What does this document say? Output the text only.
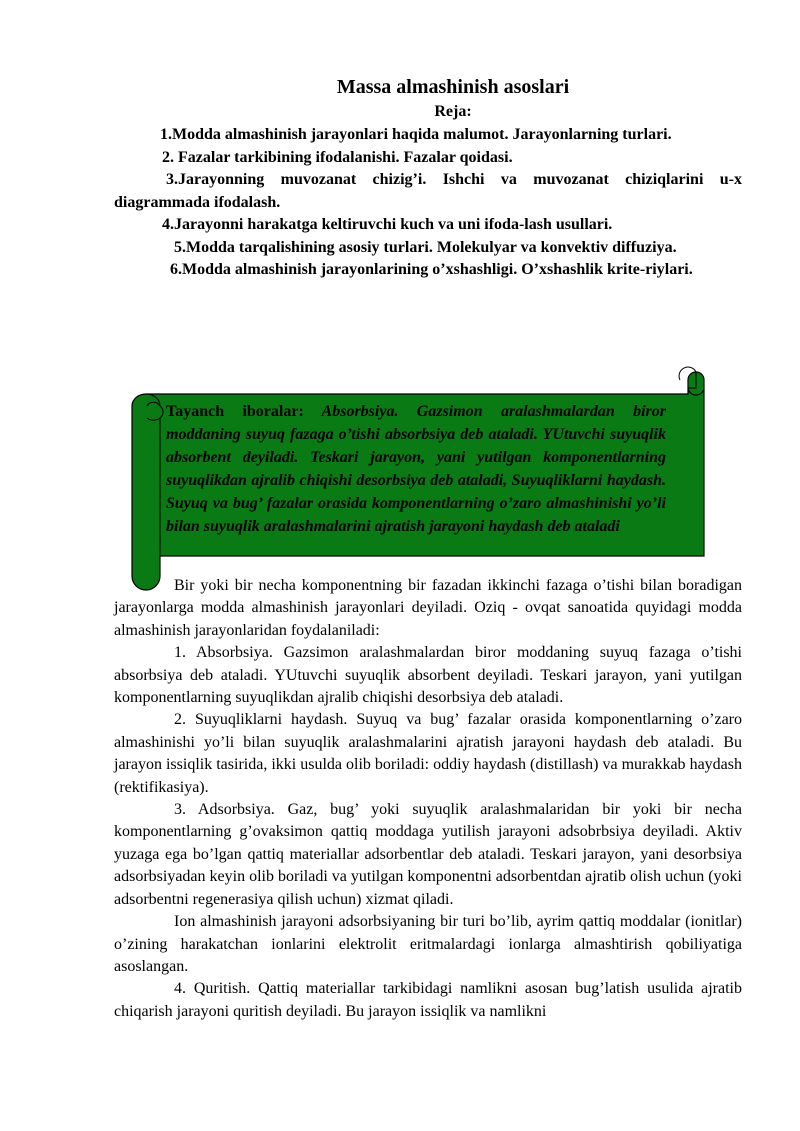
Massa almashinish asoslari
Reja:

1.Modda almashinish jarayonlari haqida malumot. Jarayonlarning turlari.

2. Fazalar tarkibining ifodalanishi. Fazalar qoidasi.

3.Jarayonning muvozanat chizig’i. Ishchi va muvozanat chiziqlarini u-x diagrammada ifodalash.

4.Jarayonni harakatga keltiruvchi kuch va uni ifoda-lash usullari.

5.Modda tarqalishining asosiy turlari. Molekulyar va konvektiv diffuziya.

6.Modda almashinish jarayonlarining o’xshashligi. O’xshashlik krite-riylari.

Tayanch iboralar: Absorbsiya. Gazsimon aralashmalardan biror moddaning suyuq fazaga o’tishi absorbsiya deb ataladi. YUtuvchi suyuqlik absorbent deyiladi. Teskari jarayon, yani yutilgan komponentlarning suyuqlikdan ajralib chiqishi desorbsiya deb ataladi, Suyuqliklarni haydash. Suyuq va bug’ fazalar orasida komponentlarning o’zaro almashinishi yo’li bilan suyuqlik aralashmalarini ajratish jarayoni haydash deb ataladi

Bir yoki bir necha komponentning bir fazadan ikkinchi fazaga o’tishi bilan boradigan jarayonlarga modda almashinish jarayonlari deyiladi. Oziq - ovqat sanoatida quyidagi modda almashinish jarayonlaridan foydalaniladi:

1. Absorbsiya. Gazsimon aralashmalardan biror moddaning suyuq fazaga o’tishi absorbsiya deb ataladi. YUtuvchi suyuqlik absorbent deyiladi. Teskari jarayon, yani yutilgan komponentlarning suyuqlikdan ajralib chiqishi desorbsiya deb ataladi.

2. Suyuqliklarni haydash. Suyuq va bug’ fazalar orasida komponentlarning o’zaro almashinishi yo’li bilan suyuqlik aralashmalarini ajratish jarayoni haydash deb ataladi. Bu jarayon issiqlik tasirida, ikki usulda olib boriladi: oddiy haydash (distillash) va murakkab haydash (rektifikasiya).

3. Adsorbsiya. Gaz, bug’ yoki suyuqlik aralashmalaridan bir yoki bir necha komponentlarning g’ovaksimon qattiq moddaga yutilish jarayoni adsobrbsiya deyiladi. Aktiv yuzaga ega bo’lgan qattiq materiallar adsorbentlar deb ataladi. Teskari jarayon, yani desorbsiya adsorbsiyadan keyin olib boriladi va yutilgan komponentni adsorbentdan ajratib olish uchun (yoki adsorbentni regenerasiya qilish uchun) xizmat qiladi.

Ion almashinish jarayoni adsorbsiyaning bir turi bo’lib, ayrim qattiq moddalar (ionitlar) o’zining harakatchan ionlarini elektrolit eritmalardagi ionlarga almashtirish qobiliyatiga asoslangan.

4. Quritish. Qattiq materiallar tarkibidagi namlikni asosan bug’latish usulida ajratib chiqarish jarayoni quritish deyiladi. Bu jarayon issiqlik va namlikni
